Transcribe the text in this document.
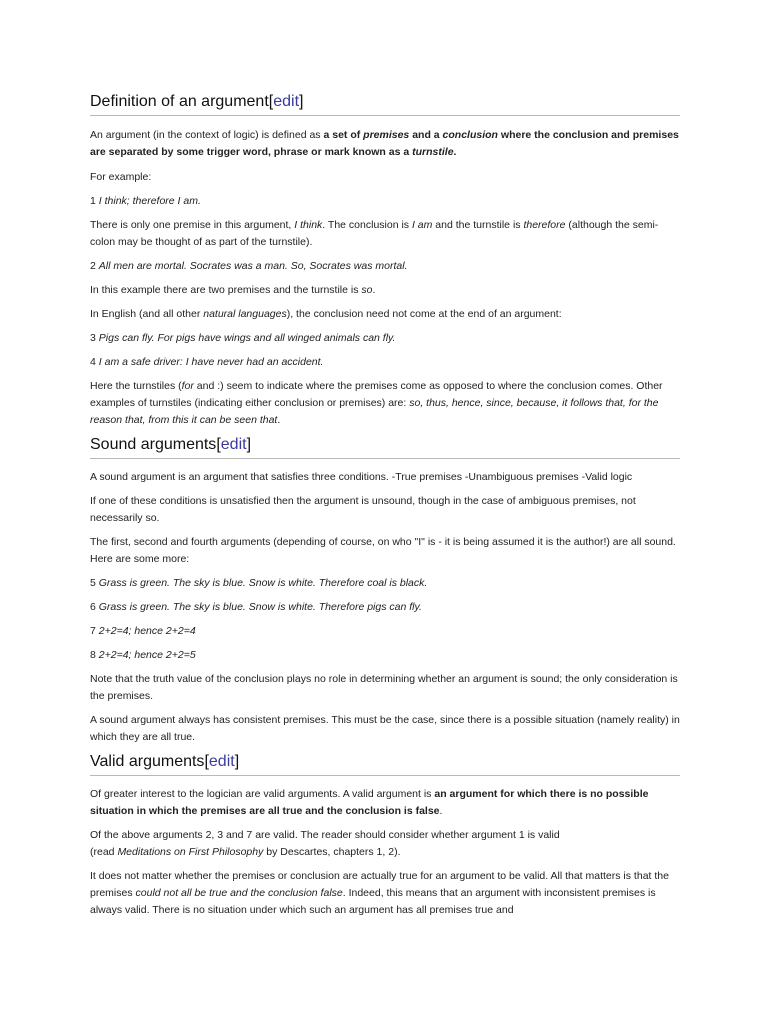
Definition of an argument[edit]

An argument (in the context of logic) is defined as a set of premises and a conclusion where the conclusion and premises are separated by some trigger word, phrase or mark known as a turnstile.

For example:

1 I think; therefore I am.

There is only one premise in this argument, I think. The conclusion is I am and the turnstile is therefore (although the semi-colon may be thought of as part of the turnstile).

2 All men are mortal. Socrates was a man. So, Socrates was mortal.

In this example there are two premises and the turnstile is so.

In English (and all other natural languages), the conclusion need not come at the end of an argument:

3 Pigs can fly. For pigs have wings and all winged animals can fly.

4 I am a safe driver: I have never had an accident.

Here the turnstiles (for and :) seem to indicate where the premises come as opposed to where the conclusion comes. Other examples of turnstiles (indicating either conclusion or premises) are: so, thus, hence, since, because, it follows that, for the reason that, from this it can be seen that.

Sound arguments[edit]

A sound argument is an argument that satisfies three conditions. -True premises -Unambiguous premises -Valid logic

If one of these conditions is unsatisfied then the argument is unsound, though in the case of ambiguous premises, not necessarily so.

The first, second and fourth arguments (depending of course, on who "I" is - it is being assumed it is the author!) are all sound. Here are some more:

5 Grass is green. The sky is blue. Snow is white. Therefore coal is black.

6 Grass is green. The sky is blue. Snow is white. Therefore pigs can fly.

7 2+2=4; hence 2+2=4

8 2+2=4; hence 2+2=5

Note that the truth value of the conclusion plays no role in determining whether an argument is sound; the only consideration is the premises.

A sound argument always has consistent premises. This must be the case, since there is a possible situation (namely reality) in which they are all true.

Valid arguments[edit]

Of greater interest to the logician are valid arguments. A valid argument is an argument for which there is no possible situation in which the premises are all true and the conclusion is false.

Of the above arguments 2, 3 and 7 are valid. The reader should consider whether argument 1 is valid
(read Meditations on First Philosophy by Descartes, chapters 1, 2).

It does not matter whether the premises or conclusion are actually true for an argument to be valid. All that matters is that the premises could not all be true and the conclusion false. Indeed, this means that an argument with inconsistent premises is always valid. There is no situation under which such an argument has all premises true and
